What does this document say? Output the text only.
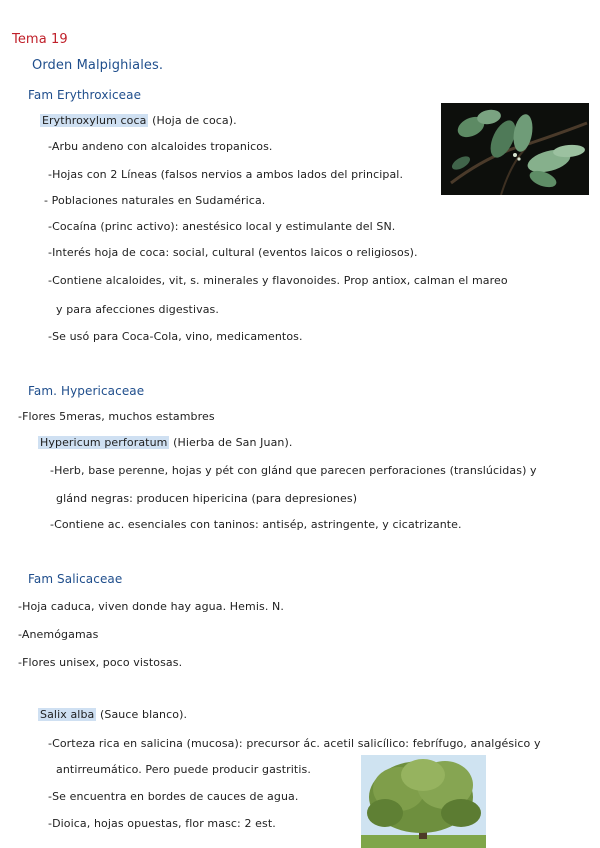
Tema 19
Orden Malpighiales.
Fam Erythroxiceae
Erythroxylum coca (Hoja de coca).
-Arbu andeno con alcaloides tropanicos.
-Hojas con 2 Líneas (falsos nervios a ambos lados del principal.
- Poblaciones naturales en Sudamérica.
-Cocaína (princ activo): anestésico local y estimulante del SN.
-Interés hoja de coca: social, cultural (eventos laicos o religiosos).
-Contiene alcaloides, vit, s. minerales y flavonoides. Prop antiox, calman el mareo
y para afecciones digestivas.
-Se usó para Coca-Cola, vino, medicamentos.
Fam. Hypericaceae
-Flores 5meras, muchos estambres
Hypericum perforatum (Hierba de San Juan).
-Herb, base perenne, hojas y pét con glánd que parecen perforaciones (translúcidas) y
glánd negras: producen hipericina (para depresiones)
-Contiene ac. esenciales con taninos: antisép, astringente, y cicatrizante.
Fam Salicaceae
-Hoja caduca, viven donde hay agua. Hemis. N.
-Anemógamas
-Flores unisex, poco vistosas.
Salix alba (Sauce blanco).
-Corteza rica en salicina (mucosa): precursor ác. acetil salicílico: febrífugo, analgésico y
antirreumático. Pero puede producir gastritis.
-Se encuentra en bordes de cauces de agua.
-Dioica, hojas opuestas, flor masc: 2 est.
